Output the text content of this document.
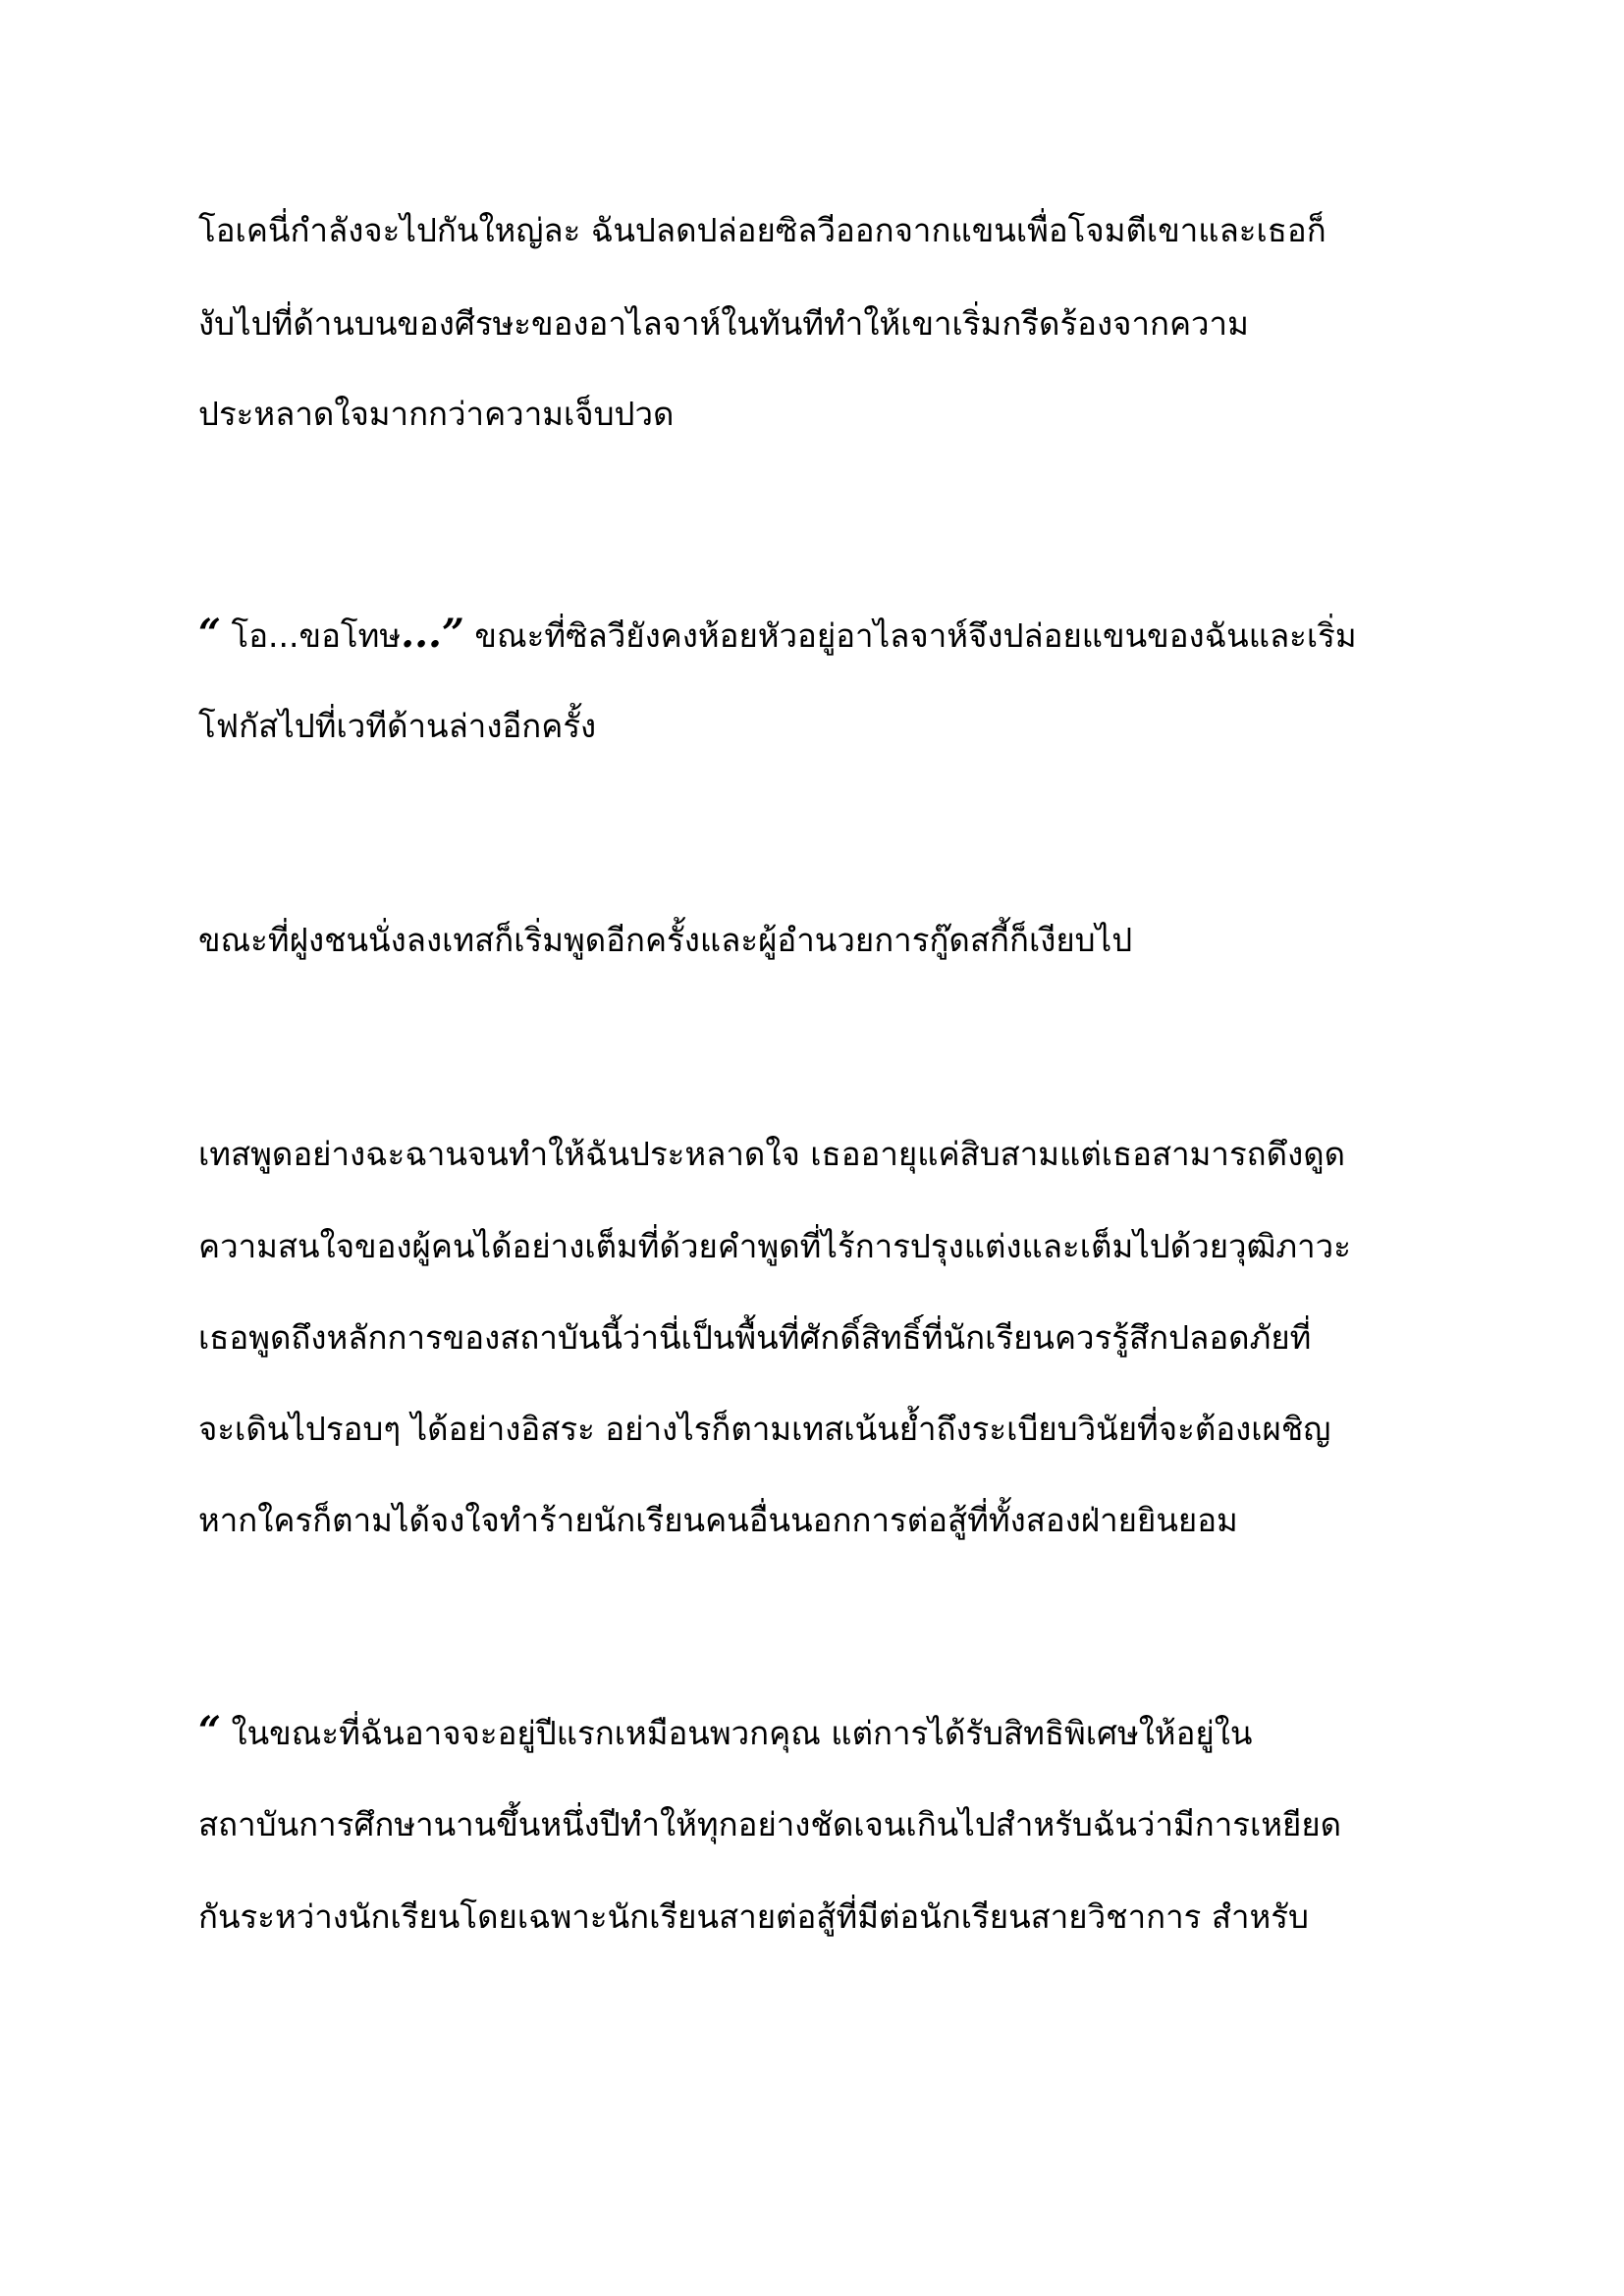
โอเคนี่กำลังจะไปกันใหญ่ละ ฉันปลดปล่อยซิลวีออกจากแขนเพื่อโจมตีเขาและเธอก็

งับไปที่ด้านบนของศีรษะของอาไลจาห์ในทันทีทำให้เขาเริ่มกรีดร้องจากความ

ประหลาดใจมากกว่าความเจ็บปวด

“ โอ...ขอโทษ...” ขณะที่ซิลวียังคงห้อยหัวอยู่อาไลจาห์จึงปล่อยแขนของฉันและเริ่ม

โฟกัสไปที่เวทีด้านล่างอีกครั้ง

ขณะที่ฝูงชนนั่งลงเทสก็เริ่มพูดอีกครั้งและผู้อำนวยการกู๊ดสกี้ก็เงียบไป

เทสพูดอย่างฉะฉานจนทำให้ฉันประหลาดใจ เธออายุแค่สิบสามแต่เธอสามารถดึงดูด

ความสนใจของผู้คนได้อย่างเต็มที่ด้วยคำพูดที่ไร้การปรุงแต่งและเต็มไปด้วยวุฒิภาวะ

เธอพูดถึงหลักการของสถาบันนี้ว่านี่เป็นพื้นที่ศักดิ์สิทธิ์ที่นักเรียนควรรู้สึกปลอดภัยที่

จะเดินไปรอบๆ ได้อย่างอิสระ อย่างไรก็ตามเทสเน้นย้ำถึงระเบียบวินัยที่จะต้องเผชิญ

หากใครก็ตามได้จงใจทำร้ายนักเรียนคนอื่นนอกการต่อสู้ที่ทั้งสองฝ่ายยินยอม

“ ในขณะที่ฉันอาจจะอยู่ปีแรกเหมือนพวกคุณ แต่การได้รับสิทธิพิเศษให้อยู่ใน

สถาบันการศึกษานานขึ้นหนึ่งปีทำให้ทุกอย่างชัดเจนเกินไปสำหรับฉันว่ามีการเหยียด

กันระหว่างนักเรียนโดยเฉพาะนักเรียนสายต่อสู้ที่มีต่อนักเรียนสายวิชาการ สำหรับ
